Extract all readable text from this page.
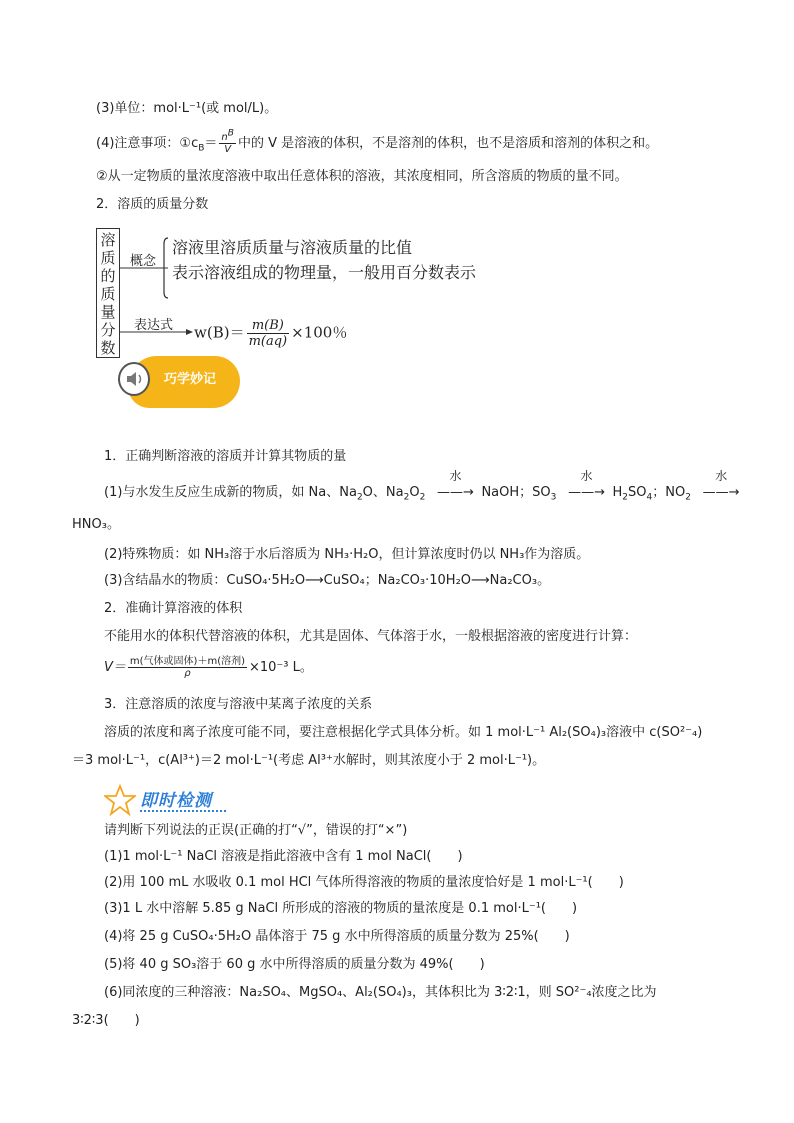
(3)单位：mol·L⁻¹(或 mol/L)。
(4)注意事项：$①c_B= \frac{n^B}{V}$ 中的 V 是溶液的体积，不是溶剂的体积，也不是溶质和溶剂的体积之和。
②从一定物质的量浓度溶液中取出任意体积的溶液，其浓度相同，所含溶质的物质的量不同。
2．溶质的质量分数
溶
质
的
质
量
分
数
概念
溶液里溶质质量与溶液质量的比值
表示溶液组成的物理量，一般用百分数表示
表达式 $w(B)= \frac{m(B)}{m(aq)} \times 100$％
巧学妙记
1．正确判断溶液的溶质并计算其物质的量
(1)与水发生反应生成新的物质，如 Na、$Na_2O$、$Na_2O_2$
水
——→ NaOH；$SO_3$
水
——→ $H_2SO_4$；$NO_2$
水
——→
HNO₃。
(2)特殊物质：如 NH₃溶于水后溶质为 NH₃·H₂O，但计算浓度时仍以 NH₃作为溶质。
(3)含结晶水的物质：CuSO₄·5H₂O⟶CuSO₄；Na₂CO₃·10H₂O⟶Na₂CO₃。
2．准确计算溶液的体积
不能用水的体积代替溶液的体积，尤其是固体、气体溶于水，一般根据溶液的密度进行计算：
$V= \frac{\text{m(气体或固体)＋m(溶剂)}}{\rho} \times 10^{-3}$ L。
3．注意溶质的浓度与溶液中某离子浓度的关系
溶质的浓度和离子浓度可能不同，要注意根据化学式具体分析。如 1 mol·L⁻¹ Al₂(SO₄)₃溶液中 c(SO²⁻₄)
＝3 mol·L⁻¹，c(Al³⁺)＝2 mol·L⁻¹(考虑 Al³⁺水解时，则其浓度小于 2 mol·L⁻¹)。
即时检测
请判断下列说法的正误(正确的打“√”，错误的打“×”)
(1)1 mol·L⁻¹ NaCl 溶液是指此溶液中含有 1 mol NaCl(　　)
(2)用 100 mL 水吸收 0.1 mol HCl 气体所得溶液的物质的量浓度恰好是 1 mol·L⁻¹(　　)
(3)1 L 水中溶解 5.85 g NaCl 所形成的溶液的物质的量浓度是 0.1 mol·L⁻¹(　　)
(4)将 25 g CuSO₄·5H₂O 晶体溶于 75 g 水中所得溶质的质量分数为 25%(　　)
(5)将 40 g SO₃溶于 60 g 水中所得溶质的质量分数为 49%(　　)
(6)同浓度的三种溶液：Na₂SO₄、MgSO₄、Al₂(SO₄)₃，其体积比为 3∶2∶1，则 SO²⁻₄浓度之比为
3∶2∶3(　　)
